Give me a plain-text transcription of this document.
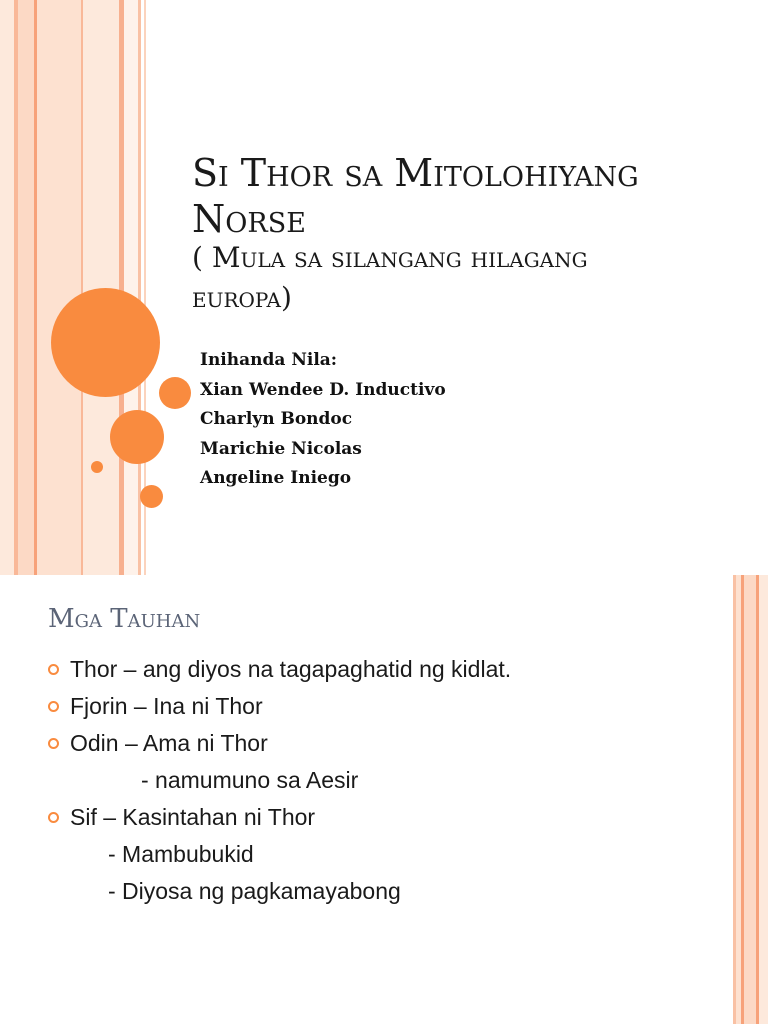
Si Thor sa Mitolohiyang
Norse

( Mula sa silangang hilagang
europa)

Inihanda Nila:
Xian Wendee D. Inductivo
Charlyn Bondoc
Marichie Nicolas
Angeline Iniego
Mga Tauhan
Thor – ang diyos na tagapaghatid ng kidlat.
Fjorin – Ina ni Thor
Odin – Ama ni Thor
- namumuno sa Aesir
Sif – Kasintahan ni Thor
- Mambubukid
- Diyosa ng pagkamayabong
